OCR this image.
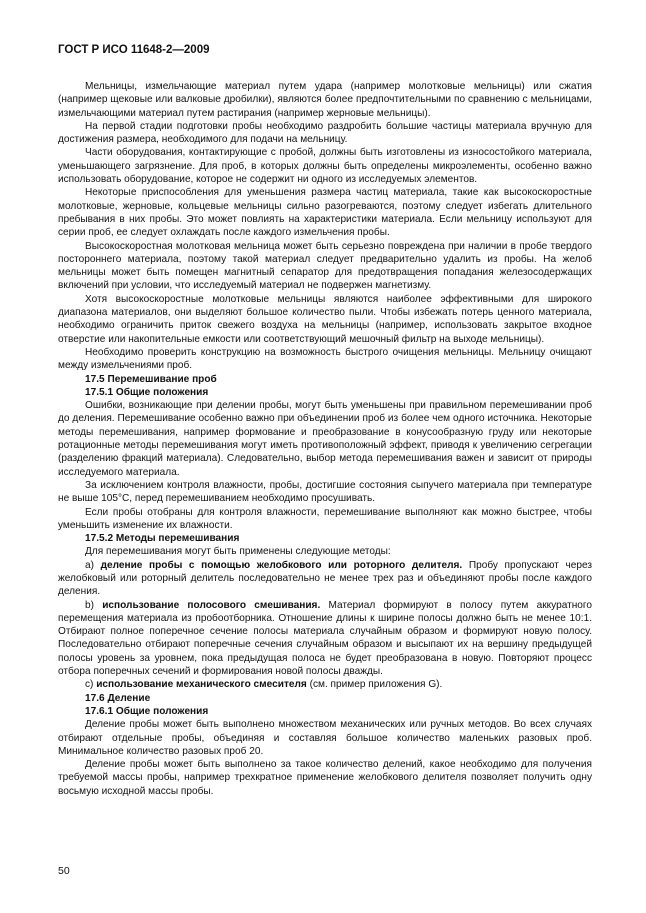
ГОСТ Р ИСО 11648-2—2009

Мельницы, измельчающие материал путем удара (например молотковые мельницы) или сжатия (например щековые или валковые дробилки), являются более предпочтительными по сравнению с мельницами, измельчающими материал путем растирания (например жерновые мельницы).

На первой стадии подготовки пробы необходимо раздробить большие частицы материала вручную для достижения размера, необходимого для подачи на мельницу.

Части оборудования, контактирующие с пробой, должны быть изготовлены из износостойкого материала, уменьшающего загрязнение. Для проб, в которых должны быть определены микроэлементы, особенно важно использовать оборудование, которое не содержит ни одного из исследуемых элементов.

Некоторые приспособления для уменьшения размера частиц материала, такие как высокоскоростные молотковые, жерновые, кольцевые мельницы сильно разогреваются, поэтому следует избегать длительного пребывания в них пробы. Это может повлиять на характеристики материала. Если мельницу используют для серии проб, ее следует охлаждать после каждого измельчения пробы.

Высокоскоростная молотковая мельница может быть серьезно повреждена при наличии в пробе твердого постороннего материала, поэтому такой материал следует предварительно удалить из пробы. На желоб мельницы может быть помещен магнитный сепаратор для предотвращения попадания железосодержащих включений при условии, что исследуемый материал не подвержен магнетизму.

Хотя высокоскоростные молотковые мельницы являются наиболее эффективными для широкого диапазона материалов, они выделяют большое количество пыли. Чтобы избежать потерь ценного материала, необходимо ограничить приток свежего воздуха на мельницы (например, использовать закрытое входное отверстие или накопительные емкости или соответствующий мешочный фильтр на выходе мельницы).

Необходимо проверить конструкцию на возможность быстрого очищения мельницы. Мельницу очищают между измельчениями проб.

17.5 Перемешивание проб

17.5.1 Общие положения

Ошибки, возникающие при делении пробы, могут быть уменьшены при правильном перемешивании проб до деления. Перемешивание особенно важно при объединении проб из более чем одного источника. Некоторые методы перемешивания, например формование и преобразование в конусообразную груду или некоторые ротационные методы перемешивания могут иметь противоположный эффект, приводя к увеличению сегрегации (разделению фракций материала). Следовательно, выбор метода перемешивания важен и зависит от природы исследуемого материала.

За исключением контроля влажности, пробы, достигшие состояния сыпучего материала при температуре не выше 105°С, перед перемешиванием необходимо просушивать.

Если пробы отобраны для контроля влажности, перемешивание выполняют как можно быстрее, чтобы уменьшить изменение их влажности.

17.5.2 Методы перемешивания

Для перемешивания могут быть применены следующие методы:

а) деление пробы с помощью желобкового или роторного делителя. Пробу пропускают через желобковый или роторный делитель последовательно не менее трех раз и объединяют пробы после каждого деления.

b) использование полосового смешивания. Материал формируют в полосу путем аккуратного перемещения материала из пробоотборника. Отношение длины к ширине полосы должно быть не менее 10:1. Отбирают полное поперечное сечение полосы материала случайным образом и формируют новую полосу. Последовательно отбирают поперечные сечения случайным образом и высыпают их на вершину предыдущей полосы уровень за уровнем, пока предыдущая полоса не будет преобразована в новую. Повторяют процесс отбора поперечных сечений и формирования новой полосы дважды.

с) использование механического смесителя (см. пример приложения G).

17.6 Деление

17.6.1 Общие положения

Деление пробы может быть выполнено множеством механических или ручных методов. Во всех случаях отбирают отдельные пробы, объединяя и составляя большое количество маленьких разовых проб. Минимальное количество разовых проб 20.

Деление пробы может быть выполнено за такое количество делений, какое необходимо для получения требуемой массы пробы, например трехкратное применение желобкового делителя позволяет получить одну восьмую исходной массы пробы.

50
